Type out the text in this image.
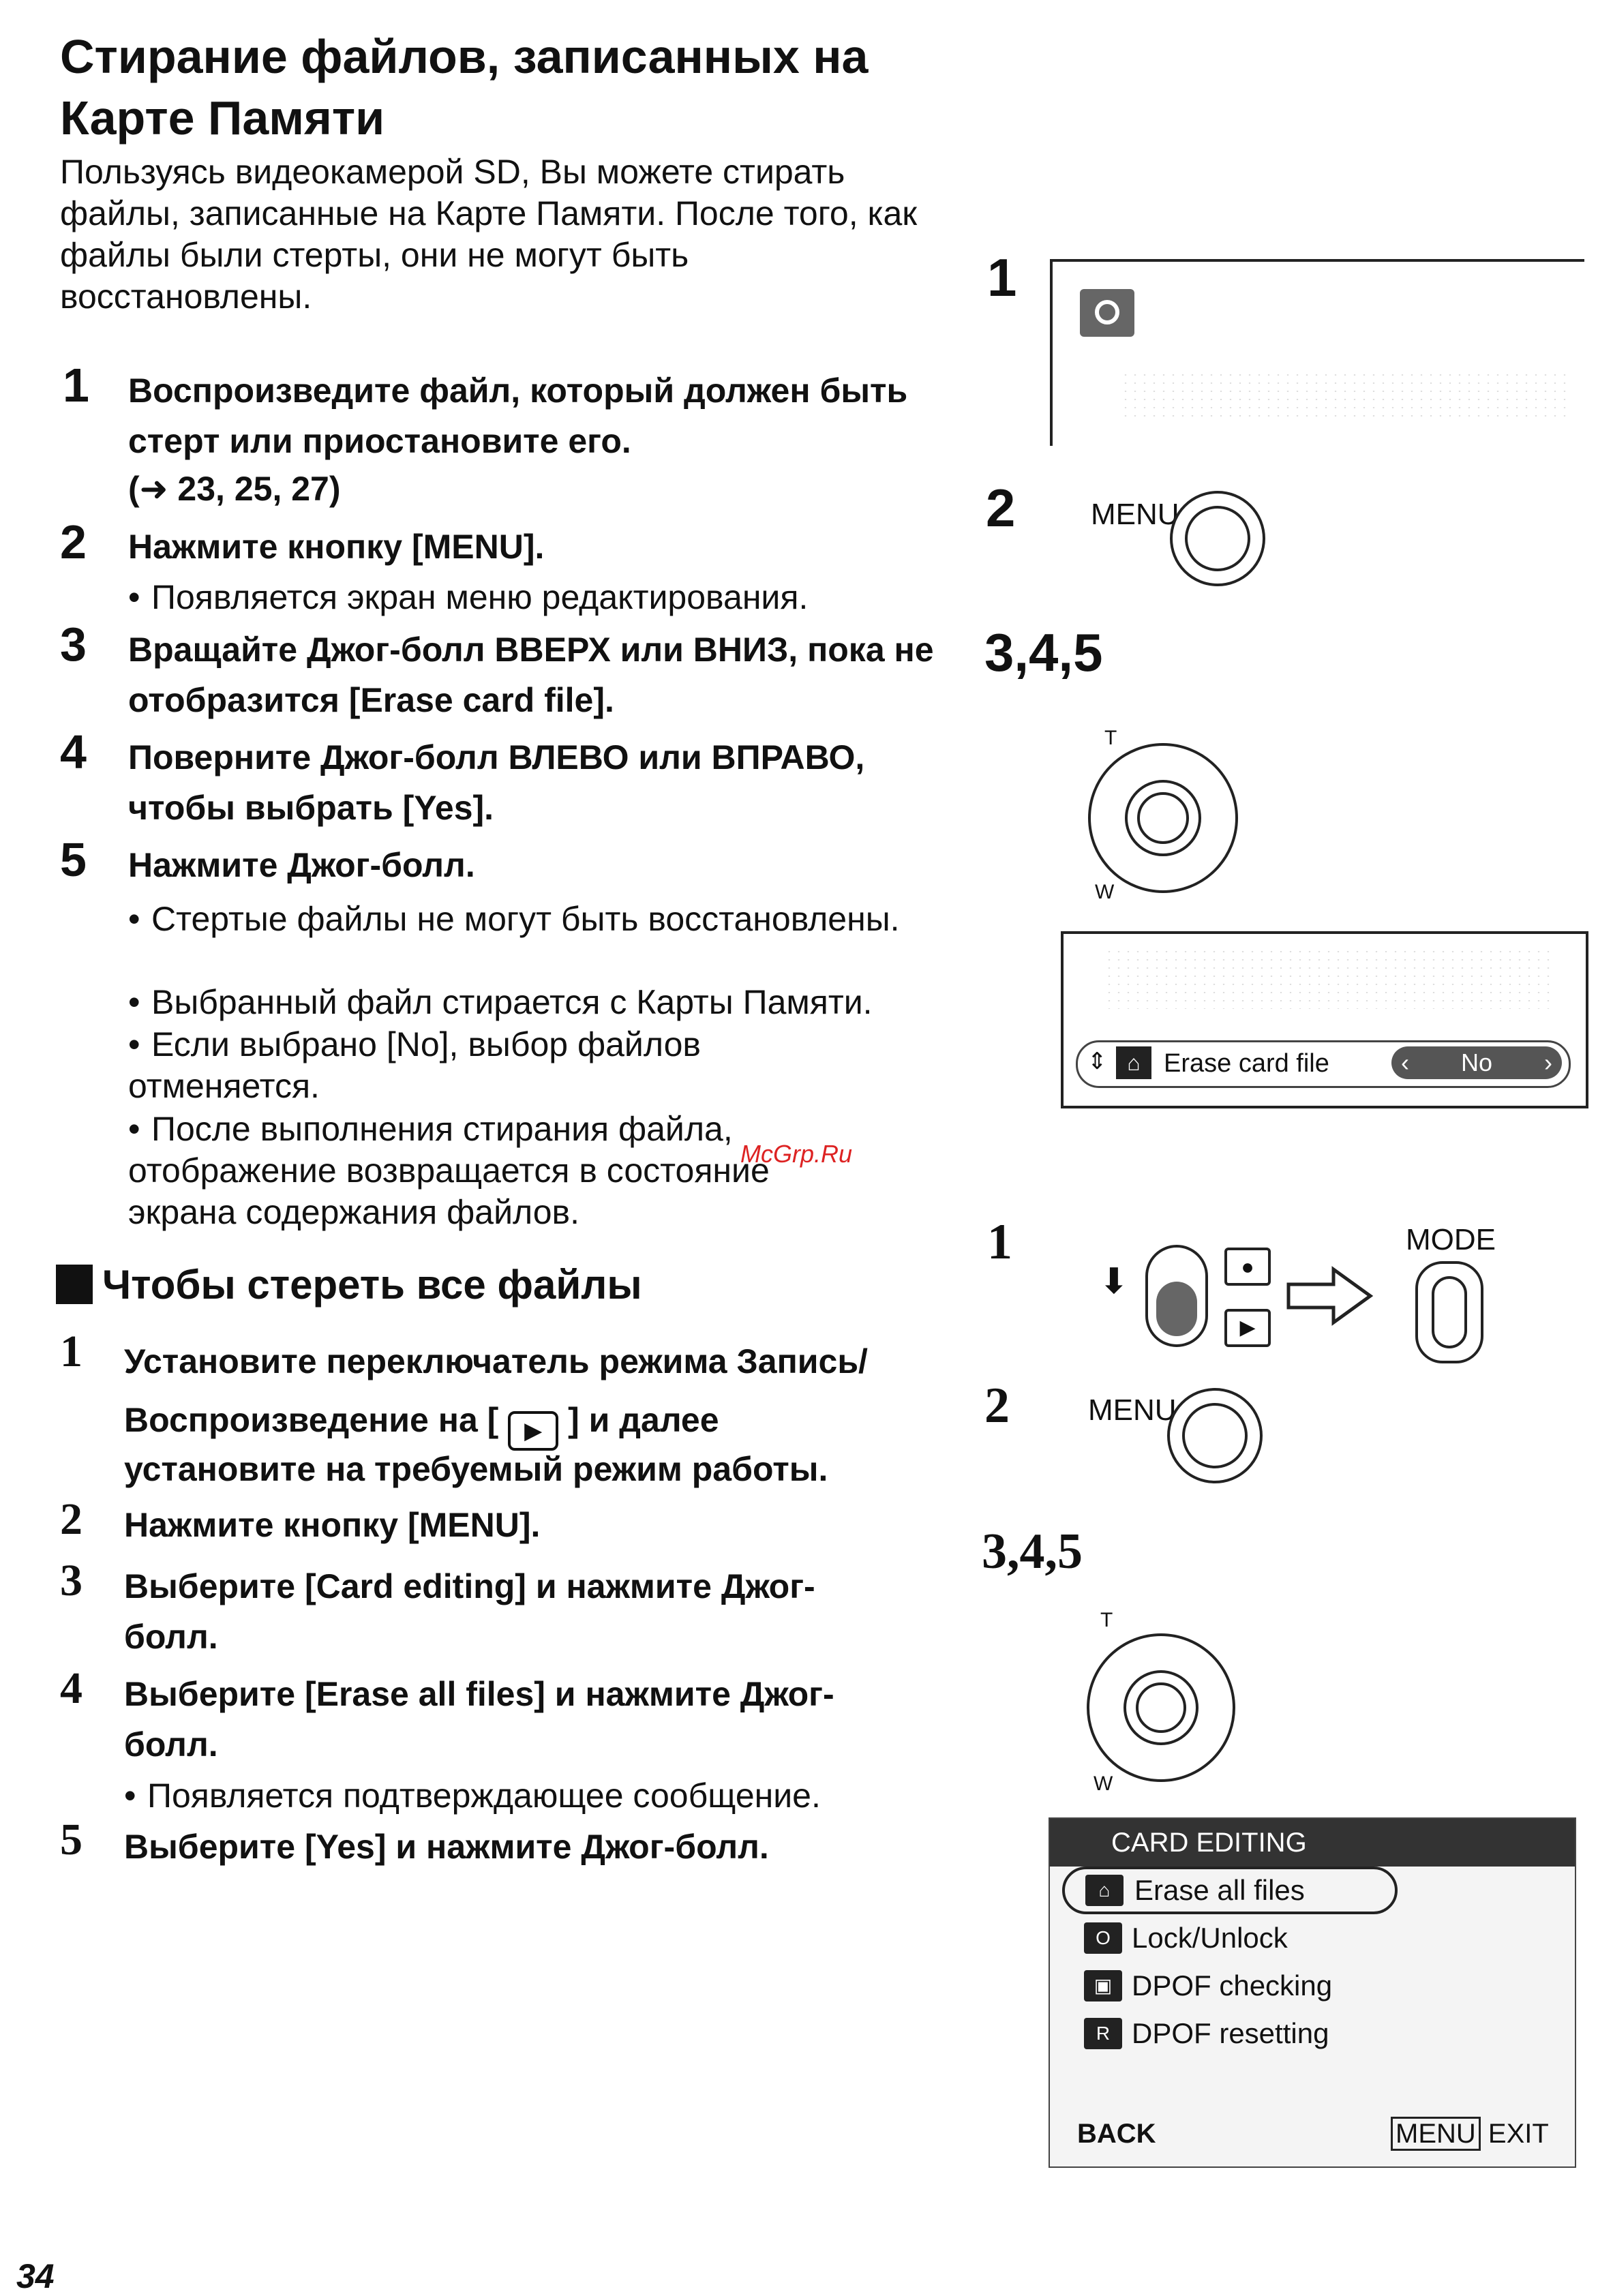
Стирание файлов, записанных на Карте Памяти
Пользуясь видеокамерой SD, Вы можете стирать файлы, записанные на Карте Памяти. После того, как файлы были стерты, они не могут быть восстановлены.
1 Воспроизведите файл, который должен быть стерт или приостановите его.
(➜ 23, 25, 27)
2 Нажмите кнопку [MENU].
• Появляется экран меню редактирования.
3 Вращайте Джог-болл ВВЕРХ или ВНИЗ, пока не отобразится [Erase card file].
4 Поверните Джог-болл ВЛЕВО или ВПРАВО, чтобы выбрать [Yes].
5 Нажмите Джог-болл.
• Стертые файлы не могут быть восстановлены.
• Выбранный файл стирается с Карты Памяти.
• Если выбрано [No], выбор файлов отменяется.
• После выполнения стирания файла, отображение возвращается в состояние экрана содержания файлов.
McGrp.Ru
Чтобы стереть все файлы
1 Установите переключатель режима Запись/
Воспроизведение на [ ▶ ] и далее
установите на требуемый режим работы.
2 Нажмите кнопку [MENU].
3 Выберите [Card editing] и нажмите Джог-болл.
4 Выберите [Erase all files] и нажмите Джог-болл.
• Появляется подтверждающее сообщение.
5 Выберите [Yes] и нажмите Джог-болл.
1
2	MENU
3,4,5
T
W
⇕ ⌂ Erase card file	‹ No ›
1
⬇	●
▶
MODE
2	MENU
3,4,5
T
W
CARD EDITING
⌂ Erase all files
O Lock/Unlock
▣ DPOF checking
R DPOF resetting
BACK	MENU EXIT
34
